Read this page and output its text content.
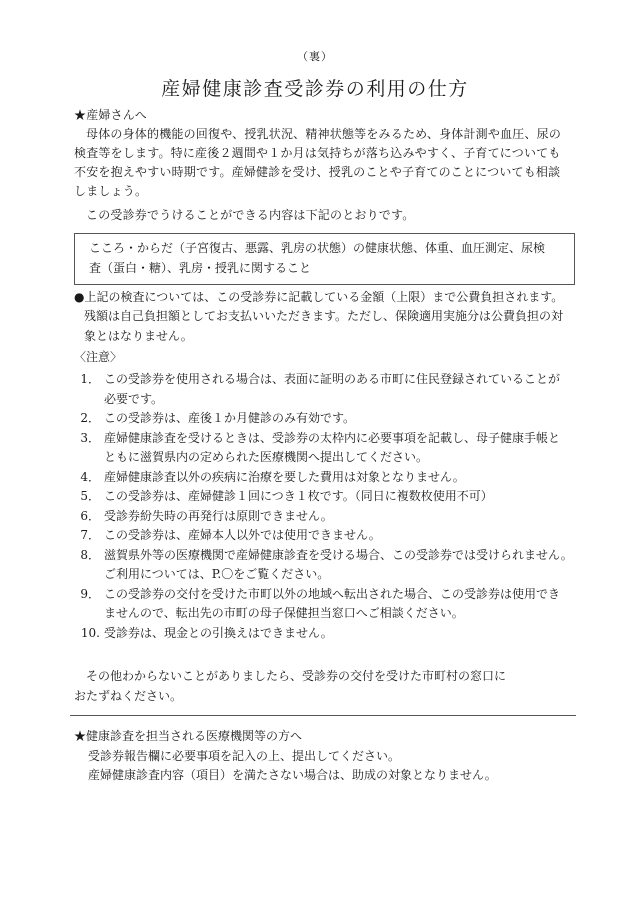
（裏）
産婦健康診査受診券の利用の仕方
★産婦さんへ
母体の身体的機能の回復や、授乳状況、精神状態等をみるため、身体計測や血圧、尿の
検査等をします。特に産後２週間や１か月は気持ちが落ち込みやすく、子育てについても
不安を抱えやすい時期です。産婦健診を受け、授乳のことや子育てのことについても相談
しましょう。
この受診券でうけることができる内容は下記のとおりです。
こころ・からだ（子宮復古、悪露、乳房の状態）の健康状態、体重、血圧測定、尿検
査（蛋白・糖）、乳房・授乳に関すること
●上記の検査については、この受診券に記載している金額（上限）まで公費負担されます。
残額は自己負担額としてお支払いいただきます。ただし、保険適用実施分は公費負担の対
象とはなりません。
〈注意〉
1． この受診券を使用される場合は、表面に証明のある市町に住民登録されていることが
必要です。
2． この受診券は、産後１か月健診のみ有効です。
3． 産婦健康診査を受けるときは、受診券の太枠内に必要事項を記載し、母子健康手帳と
ともに滋賀県内の定められた医療機関へ提出してください。
4． 産婦健康診査以外の疾病に治療を要した費用は対象となりません。
5． この受診券は、産婦健診１回につき１枚です。（同日に複数枚使用不可）
6． 受診券紛失時の再発行は原則できません。
7． この受診券は、産婦本人以外では使用できません。
8． 滋賀県外等の医療機関で産婦健康診査を受ける場合、この受診券では受けられません。
ご利用については、P.〇をご覧ください。
9． この受診券の交付を受けた市町以外の地域へ転出された場合、この受診券は使用でき
ませんので、転出先の市町の母子保健担当窓口へご相談ください。
10. 受診券は、現金との引換えはできません。
その他わからないことがありましたら、受診券の交付を受けた市町村の窓口に
おたずねください。
★健康診査を担当される医療機関等の方へ
受診券報告欄に必要事項を記入の上、提出してください。
産婦健康診査内容（項目）を満たさない場合は、助成の対象となりません。
